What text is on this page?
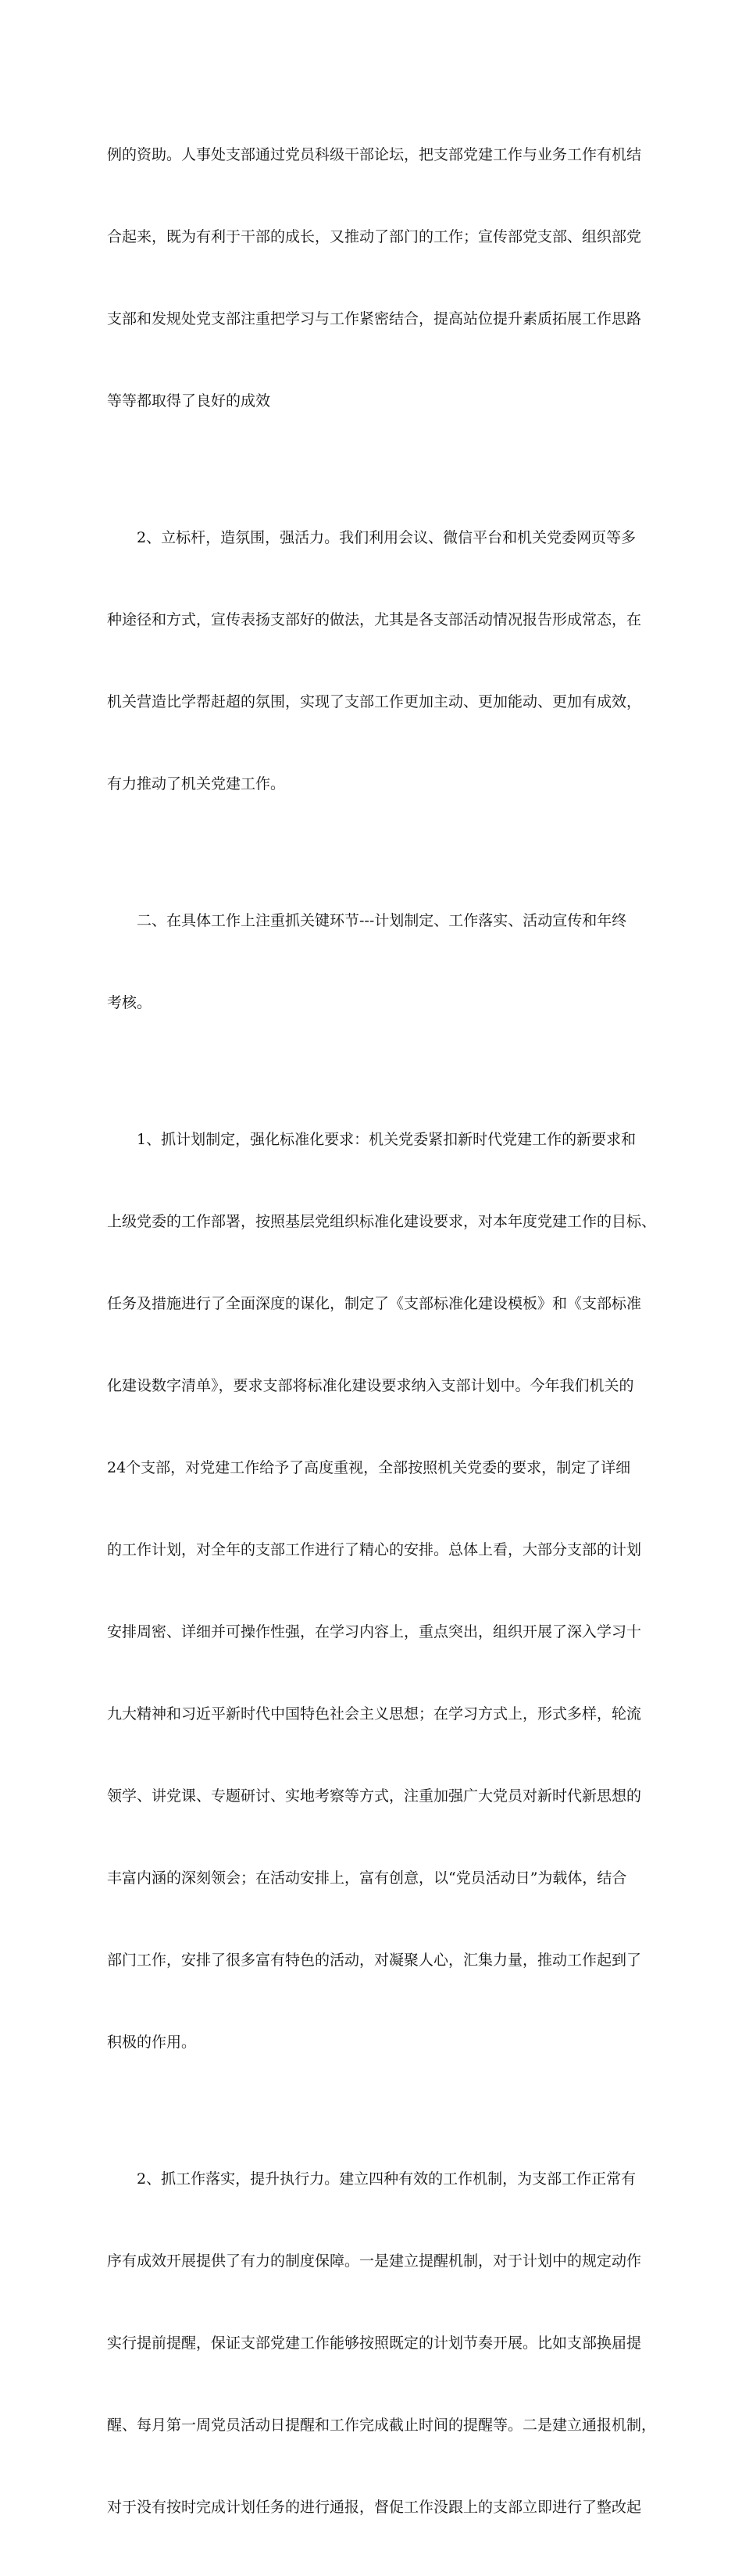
例的资助。人事处支部通过党员科级干部论坛，把支部党建工作与业务工作有机结

合起来，既为有利于干部的成长，又推动了部门的工作；宣传部党支部、组织部党

支部和发规处党支部注重把学习与工作紧密结合，提高站位提升素质拓展工作思路

等等都取得了良好的成效

2、立标杆，造氛围，强活力。我们利用会议、微信平台和机关党委网页等多

种途径和方式，宣传表扬支部好的做法，尤其是各支部活动情况报告形成常态，在

机关营造比学帮赶超的氛围，实现了支部工作更加主动、更加能动、更加有成效，

有力推动了机关党建工作。

二、在具体工作上注重抓关键环节---计划制定、工作落实、活动宣传和年终

考核。

1、抓计划制定，强化标准化要求：机关党委紧扣新时代党建工作的新要求和

上级党委的工作部署，按照基层党组织标准化建设要求，对本年度党建工作的目标、

任务及措施进行了全面深度的谋化，制定了《支部标准化建设模板》和《支部标准

化建设数字清单》，要求支部将标准化建设要求纳入支部计划中。今年我们机关的

24个支部，对党建工作给予了高度重视，全部按照机关党委的要求，制定了详细

的工作计划，对全年的支部工作进行了精心的安排。总体上看，大部分支部的计划

安排周密、详细并可操作性强，在学习内容上，重点突出，组织开展了深入学习十

九大精神和习近平新时代中国特色社会主义思想；在学习方式上，形式多样，轮流

领学、讲党课、专题研讨、实地考察等方式，注重加强广大党员对新时代新思想的

丰富内涵的深刻领会；在活动安排上，富有创意，以“党员活动日”为载体，结合

部门工作，安排了很多富有特色的活动，对凝聚人心，汇集力量，推动工作起到了

积极的作用。

2、抓工作落实，提升执行力。建立四种有效的工作机制，为支部工作正常有

序有成效开展提供了有力的制度保障。一是建立提醒机制，对于计划中的规定动作

实行提前提醒，保证支部党建工作能够按照既定的计划节奏开展。比如支部换届提

醒、每月第一周党员活动日提醒和工作完成截止时间的提醒等。二是建立通报机制，

对于没有按时完成计划任务的进行通报，督促工作没跟上的支部立即进行了整改起
